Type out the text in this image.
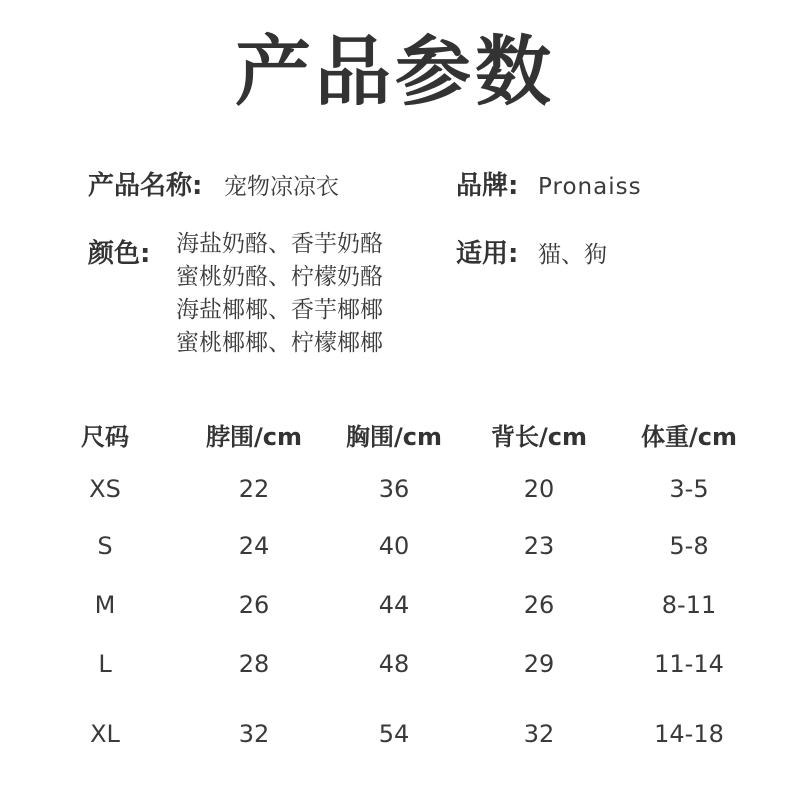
产品参数
产品名称: 宠物凉凉衣	品牌: Pronaiss
颜色: 海盐奶酪、香芋奶酪
蜜桃奶酪、柠檬奶酪
海盐椰椰、香芋椰椰
蜜桃椰椰、柠檬椰椰
适用: 猫、狗
尺码	脖围/cm 胸围/cm 背长/cm 体重/cm
XS	22	36	20	3-5
S	24	40	23	5-8
M	26	44	26	8-11
L	28	48	29	11-14
XL	32	54	32	14-18
